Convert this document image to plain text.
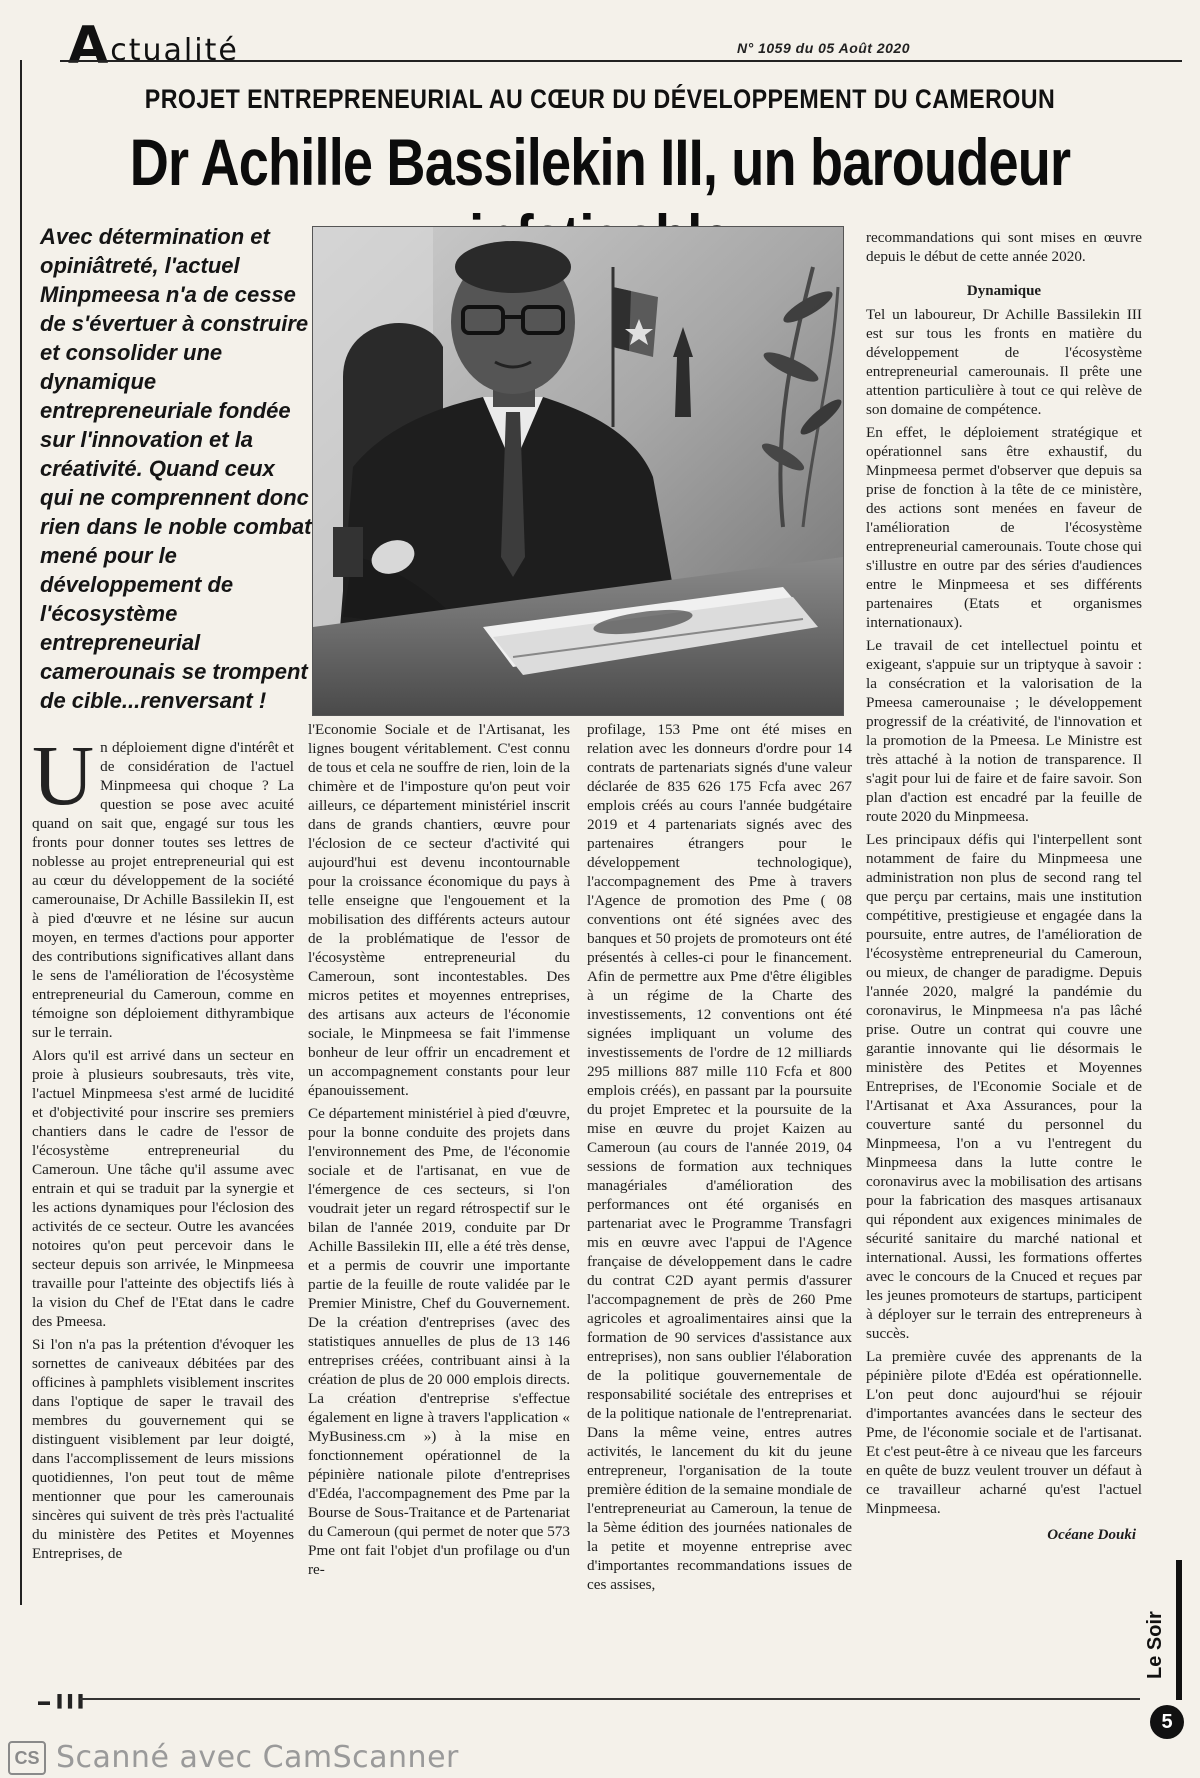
A ctualité	N° 1059 du 05 Août 2020
PROJET ENTREPRENEURIAL AU CŒUR DU DÉVELOPPEMENT DU CAMEROUN
Dr Achille Bassilekin III, un baroudeur
Avec détermination et opiniâtreté, l'actuel Minpmeesa n'a de cesse de s'évertuer à construire et consolider une dynamique entrepreneuriale fondée sur l'innovation et la créativité. Quand ceux qui ne comprennent donc rien dans le noble combat mené pour le développement de l'écosystème entrepreneurial camerounais se trompent de cible...renversant !

Un déploiement digne d'intérêt et de considération de l'actuel Minpmeesa qui choque ? La question se pose avec acuité quand on sait que, engagé sur tous les fronts pour donner toutes ses lettres de noblesse au projet entrepreneurial qui est au cœur du développement de la société camerounaise, Dr Achille Bassilekin II, est à pied d'œuvre et ne lésine sur aucun moyen, en termes d'actions pour apporter des contributions significatives allant dans le sens de l'amélioration de l'écosystème entrepreneurial du Cameroun, comme en témoigne son déploiement dithyrambique sur le terrain.

Alors qu'il est arrivé dans un secteur en proie à plusieurs soubresauts, très vite, l'actuel Minpmeesa s'est armé de lucidité et d'objectivité pour inscrire ses premiers chantiers dans le cadre de l'essor de l'écosystème entrepreneurial du Cameroun. Une tâche qu'il assume avec entrain et qui se traduit par la synergie et les actions dynamiques pour l'éclosion des activités de ce secteur. Outre les avancées notoires qu'on peut percevoir dans le secteur depuis son arrivée, le Minpmeesa travaille pour l'atteinte des objectifs liés à la vision du Chef de l'Etat dans le cadre des Pmeesa.

Si l'on n'a pas la prétention d'évoquer les sornettes de caniveaux débitées par des officines à pamphlets visiblement inscrites dans l'optique de saper le travail des membres du gouvernement qui se distinguent visiblement par leur doigté, dans l'accomplissement de leurs missions quotidiennes, l'on peut tout de même mentionner que pour les camerounais sincères qui suivent de très près l'actualité du ministère des Petites et Moyennes Entreprises, de

l'Economie Sociale et de l'Artisanat, les lignes bougent véritablement. C'est connu de tous et cela ne souffre de rien, loin de la chimère et de l'imposture qu'on peut voir ailleurs, ce département ministériel inscrit dans de grands chantiers, œuvre pour l'éclosion de ce secteur d'activité qui aujourd'hui est devenu incontournable pour la croissance économique du pays à telle enseigne que l'engouement et la mobilisation des différents acteurs autour de la problématique de l'essor de l'écosystème entrepreneurial du Cameroun, sont incontestables. Des micros petites et moyennes entreprises, des artisans aux acteurs de l'économie sociale, le Minpmeesa se fait l'immense bonheur de leur offrir un encadrement et un accompagnement constants pour leur épanouissement.

Ce département ministériel à pied d'œuvre, pour la bonne conduite des projets dans l'environnement des Pme, de l'économie sociale et de l'artisanat, en vue de l'émergence de ces secteurs, si l'on voudrait jeter un regard rétrospectif sur le bilan de l'année 2019, conduite par Dr Achille Bassilekin III, elle a été très dense, et a permis de couvrir une importante partie de la feuille de route validée par le Premier Ministre, Chef du Gouvernement. De la création d'entreprises (avec des statistiques annuelles de plus de 13 146 entreprises créées, contribuant ainsi à la création de plus de 20 000 emplois directs. La création d'entreprise s'effectue également en ligne à travers l'application « MyBusiness.cm ») à la mise en fonctionnement opérationnel de la pépinière nationale pilote d'entreprises d'Edéa, l'accompagnement des Pme par la Bourse de Sous-Traitance et de Partenariat du Cameroun (qui permet de noter que 573 Pme ont fait l'objet d'un profilage ou d'un re-

profilage, 153 Pme ont été mises en relation avec les donneurs d'ordre pour 14 contrats de partenariats signés d'une valeur déclarée de 835 626 175 Fcfa avec 267 emplois créés au cours l'année budgétaire 2019 et 4 partenariats signés avec des partenaires étrangers pour le développement technologique), l'accompagnement des Pme à travers l'Agence de promotion des Pme ( 08 conventions ont été signées avec des banques et 50 projets de promoteurs ont été présentés à celles-ci pour le financement. Afin de permettre aux Pme d'être éligibles à un régime de la Charte des investissements, 12 conventions ont été signées impliquant un volume des investissements de l'ordre de 12 milliards 295 millions 887 mille 110 Fcfa et 800 emplois créés), en passant par la poursuite du projet Empretec et la poursuite de la mise en œuvre du projet Kaizen au Cameroun (au cours de l'année 2019, 04 sessions de formation aux techniques managériales d'amélioration des performances ont été organisés en partenariat avec le Programme Transfagri mis en œuvre avec l'appui de l'Agence française de développement dans le cadre du contrat C2D ayant permis d'assurer l'accompagnement de près de 260 Pme agricoles et agroalimentaires ainsi que la formation de 90 services d'assistance aux entreprises), non sans oublier l'élaboration de la politique gouvernementale de responsabilité sociétale des entreprises et de la politique nationale de l'entreprenariat. Dans la même veine, entres autres activités, le lancement du kit du jeune entrepreneur, l'organisation de la toute première édition de la semaine mondiale de l'entrepreneuriat au Cameroun, la tenue de la 5ème édition des journées nationales de la petite et moyenne entreprise avec d'importantes recommandations issues de ces assises,

recommandations qui sont mises en œuvre depuis le début de cette année 2020.

Dynamique

Tel un laboureur, Dr Achille Bassilekin III est sur tous les fronts en matière du développement de l'écosystème entrepreneurial camerounais. Il prête une attention particulière à tout ce qui relève de son domaine de compétence.

En effet, le déploiement stratégique et opérationnel sans être exhaustif, du Minpmeesa permet d'observer que depuis sa prise de fonction à la tête de ce ministère, des actions sont menées en faveur de l'amélioration de l'écosystème entrepreneurial camerounais. Toute chose qui s'illustre en outre par des séries d'audiences entre le Minpmeesa et ses différents partenaires (Etats et organismes internationaux).

Le travail de cet intellectuel pointu et exigeant, s'appuie sur un triptyque à savoir : la consécration et la valorisation de la Pmeesa camerounaise ; le développement progressif de la créativité, de l'innovation et la promotion de la Pmeesa. Le Ministre est très attaché à la notion de transparence. Il s'agit pour lui de faire et de faire savoir. Son plan d'action est encadré par la feuille de route 2020 du Minpmeesa.

Les principaux défis qui l'interpellent sont notamment de faire du Minpmeesa une administration non plus de second rang tel que perçu par certains, mais une institution compétitive, prestigieuse et engagée dans la poursuite, entre autres, de l'amélioration de l'écosystème entrepreneurial du Cameroun, ou mieux, de changer de paradigme. Depuis l'année 2020, malgré la pandémie du coronavirus, le Minpmeesa n'a pas lâché prise. Outre un contrat qui couvre une garantie innovante qui lie désormais le ministère des Petites et Moyennes Entreprises, de l'Economie Sociale et de l'Artisanat et Axa Assurances, pour la couverture santé du personnel du Minpmeesa, l'on a vu l'entregent du Minpmeesa dans la lutte contre le coronavirus avec la mobilisation des artisans pour la fabrication des masques artisanaux qui répondent aux exigences minimales de sécurité sanitaire du marché national et international. Aussi, les formations offertes avec le concours de la Cnuced et reçues par les jeunes promoteurs de startups, participent à déployer sur le terrain des entrepreneurs à succès.

La première cuvée des apprenants de la pépinière pilote d'Edéa est opérationnelle. L'on peut donc aujourd'hui se réjouir d'importantes avancées dans le secteur des Pme, de l'économie sociale et de l'artisanat. Et c'est peut-être à ce niveau que les farceurs en quête de buzz veulent trouver un défaut à ce travailleur acharné qu'est l'actuel Minpmeesa.

Océane Douki
▬ ▌▌▌
Le Soir
5
CS Scanné avec CamScanner
